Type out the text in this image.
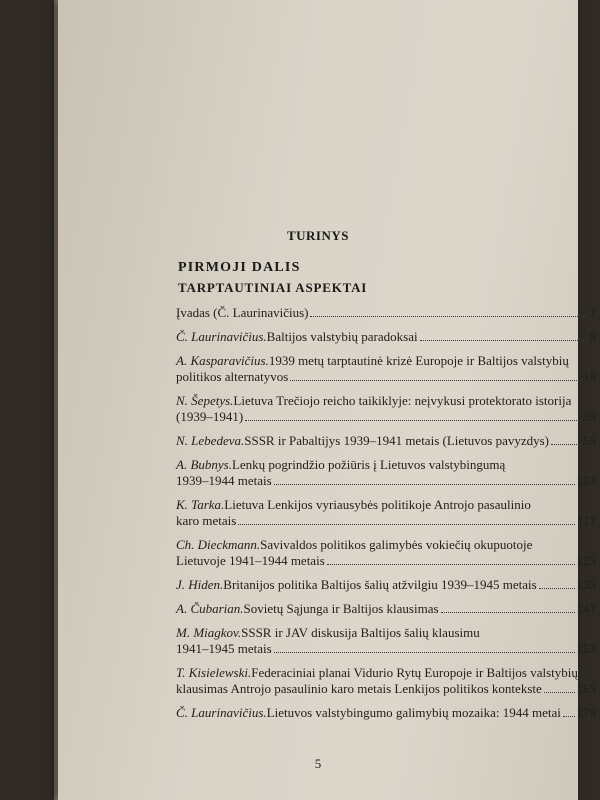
TURINYS
PIRMOJI DALIS
TARPTAUTINIAI ASPEKTAI
Įvadas (Č. Laurinavičius)	7
Č. Laurinavičius. Baltijos valstybių paradoksai	9
A. Kasparavičius. 1939 metų tarptautinė krizė Europoje ir Baltijos valstybių
politikos alternatyvos	19
N. Šepetys. Lietuva Trečiojo reicho taikiklyje: neįvykusi protektorato istorija
(1939–1941)	39
N. Lebedeva. SSSR ir Pabaltijys 1939–1941 metais (Lietuvos pavyzdys)	55
A. Bubnys. Lenkų pogrindžio požiūris į Lietuvos valstybingumą
1939–1944 metais	103
K. Tarka. Lietuva Lenkijos vyriausybės politikoje Antrojo pasaulinio
karo metais	117
Ch. Dieckmann. Savivaldos politikos galimybės vokiečių okupuotoje
Lietuvoje 1941–1944 metais	125
J. Hiden. Britanijos politika Baltijos šalių atžvilgiu 1939–1945 metais	135
A. Čubarian. Sovietų Sąjunga ir Baltijos klausimas	147
M. Miagkov. SSSR ir JAV diskusija Baltijos šalių klausimu
1941–1945 metais	153
T. Kisielewski. Federaciniai planai Vidurio Rytų Europoje ir Baltijos valstybių
klausimas Antrojo pasaulinio karo metais Lenkijos politikos kontekste	165
Č. Laurinavičius. Lietuvos valstybingumo galimybių mozaika: 1944 metai 179
5
